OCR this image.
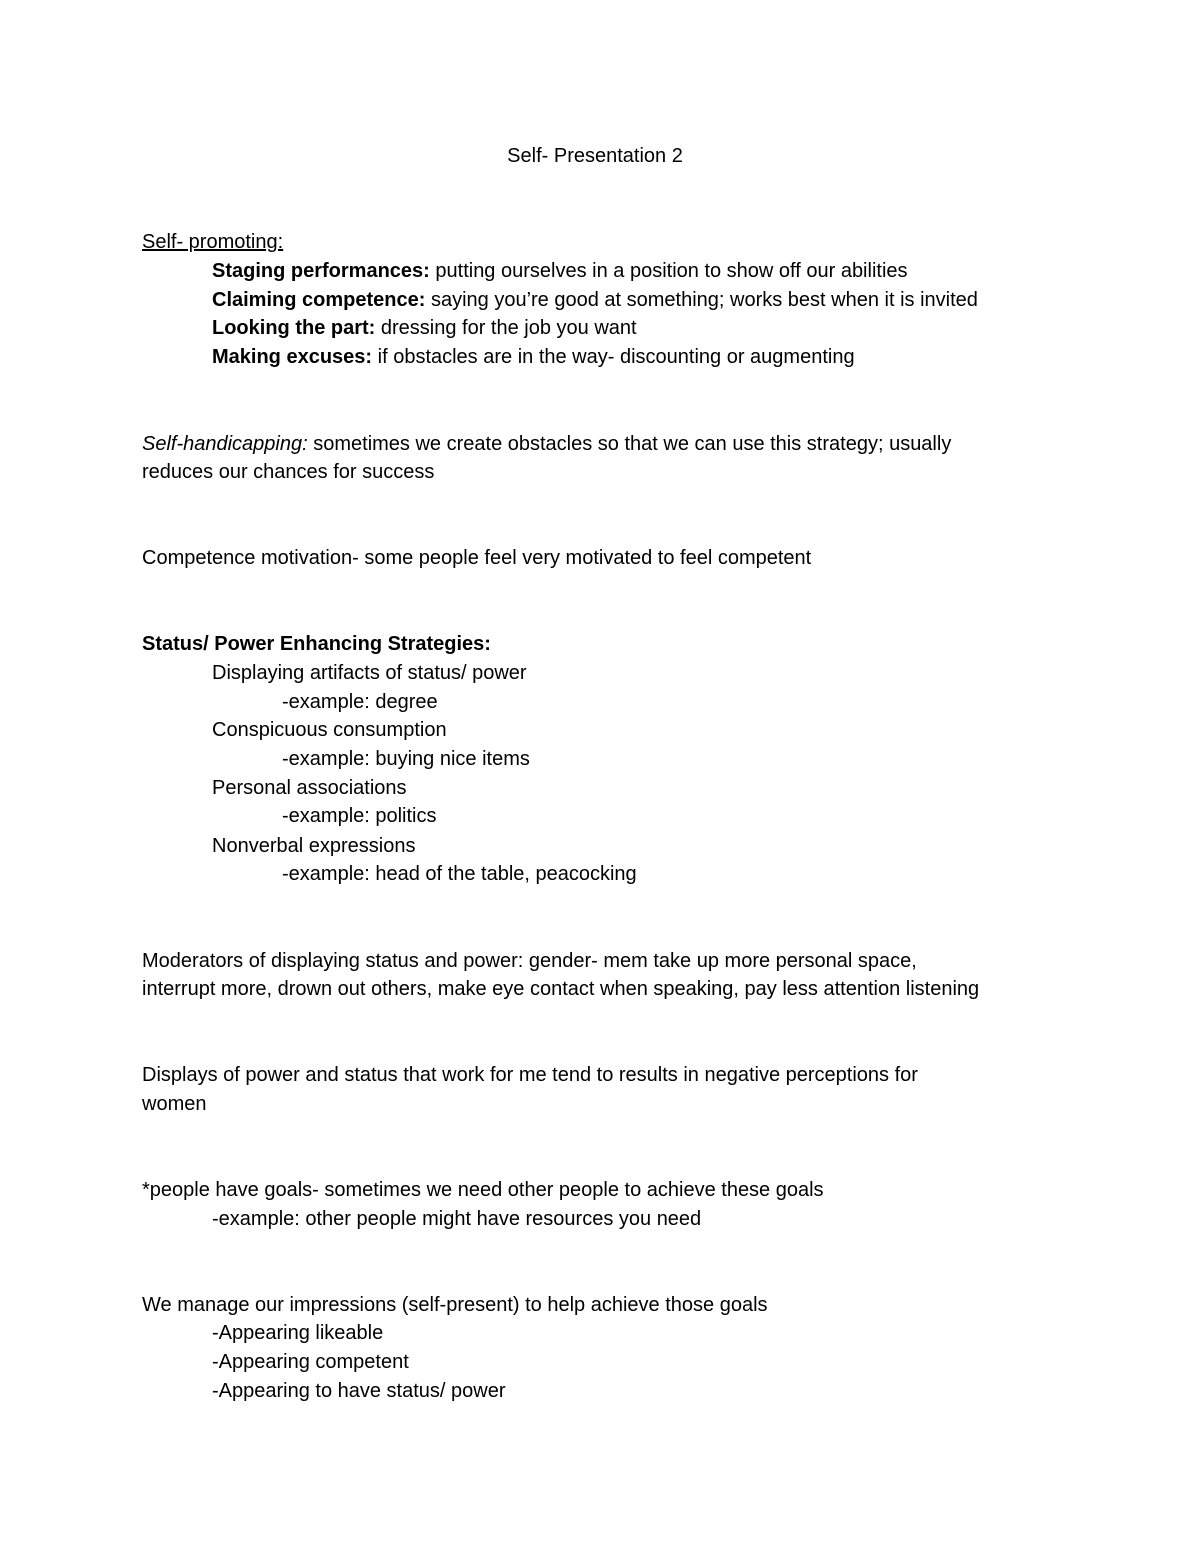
Self- Presentation 2
Self- promoting:
Staging performances: putting ourselves in a position to show off our abilities
Claiming competence: saying you’re good at something; works best when it is invited
Looking the part: dressing for the job you want
Making excuses: if obstacles are in the way- discounting or augmenting
Self-handicapping: sometimes we create obstacles so that we can use this strategy; usually
reduces our chances for success
Competence motivation- some people feel very motivated to feel competent
Status/ Power Enhancing Strategies:
Displaying artifacts of status/ power
-example: degree
Conspicuous consumption
-example: buying nice items
Personal associations
-example: politics
Nonverbal expressions
-example: head of the table, peacocking
Moderators of displaying status and power: gender- mem take up more personal space,
interrupt more, drown out others, make eye contact when speaking, pay less attention listening
Displays of power and status that work for me tend to results in negative perceptions for
women
*people have goals- sometimes we need other people to achieve these goals
-example: other people might have resources you need
We manage our impressions (self-present) to help achieve those goals
-Appearing likeable
-Appearing competent
-Appearing to have status/ power
